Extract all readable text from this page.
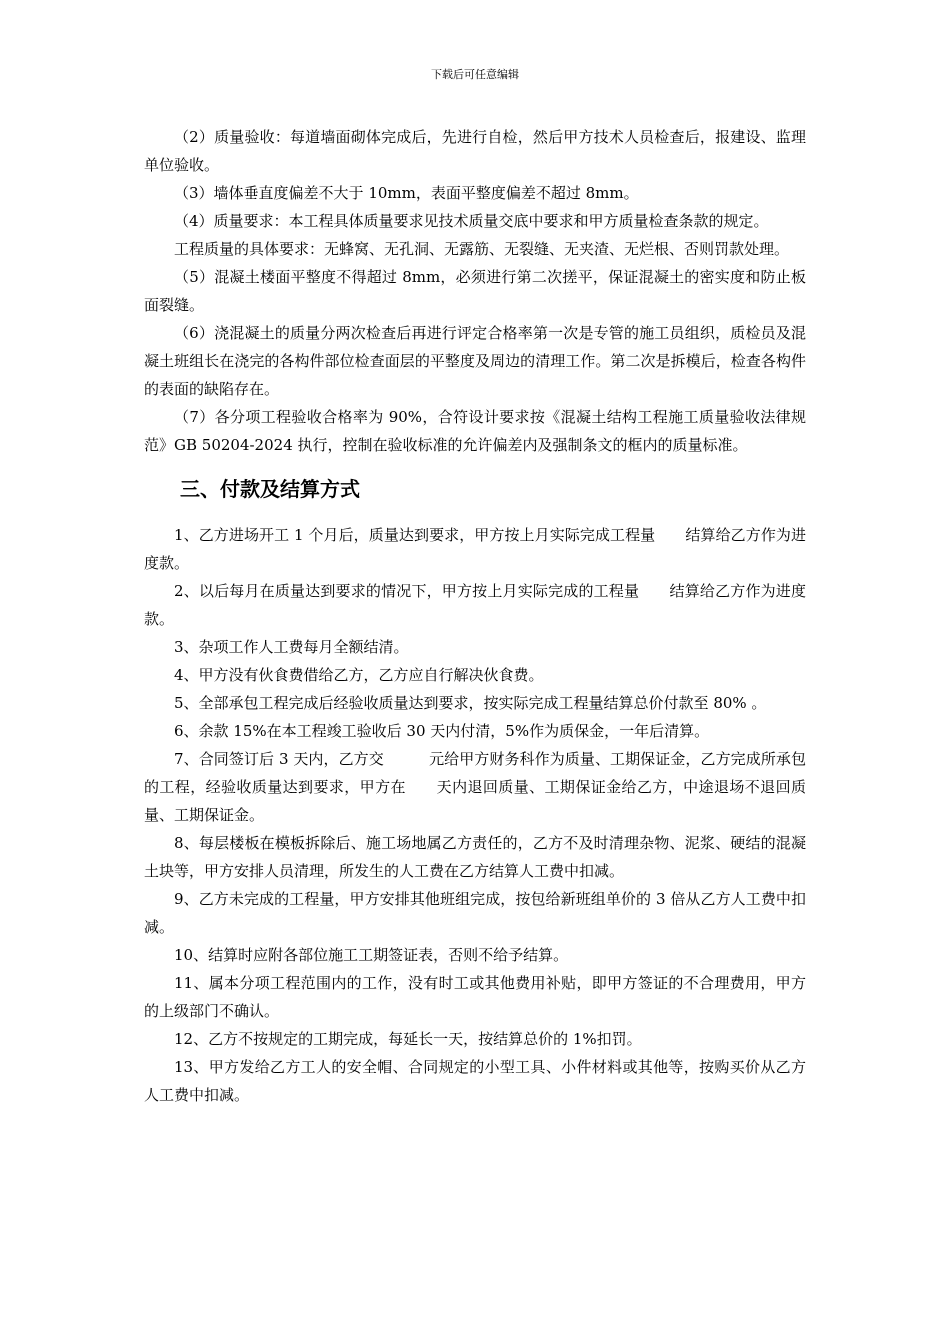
下载后可任意编辑

（2）质量验收：每道墙面砌体完成后，先进行自检，然后甲方技术人员检查后，报建设、监理单位验收。

（3）墙体垂直度偏差不大于 10mm，表面平整度偏差不超过 8mm。

（4）质量要求：本工程具体质量要求见技术质量交底中要求和甲方质量检查条款的规定。

工程质量的具体要求：无蜂窝、无孔洞、无露筋、无裂缝、无夹渣、无烂根、否则罚款处理。

（5）混凝土楼面平整度不得超过 8mm，必须进行第二次搓平，保证混凝土的密实度和防止板面裂缝。

（6）浇混凝土的质量分两次检查后再进行评定合格率第一次是专管的施工员组织，质检员及混凝土班组长在浇完的各构件部位检查面层的平整度及周边的清理工作。第二次是拆模后，检查各构件的表面的缺陷存在。

（7）各分项工程验收合格率为 90%，合符设计要求按《混凝土结构工程施工质量验收法律规范》GB 50204-2024 执行，控制在验收标准的允许偏差内及强制条文的框内的质量标准。

三、付款及结算方式

1、乙方进场开工 1 个月后，质量达到要求，甲方按上月实际完成工程量　　结算给乙方作为进度款。

2、以后每月在质量达到要求的情况下，甲方按上月实际完成的工程量　　结算给乙方作为进度款。

3、杂项工作人工费每月全额结清。

4、甲方没有伙食费借给乙方，乙方应自行解决伙食费。

5、全部承包工程完成后经验收质量达到要求，按实际完成工程量结算总价付款至 80% 。

6、余款 15%在本工程竣工验收后 30 天内付清，5%作为质保金，一年后清算。

7、合同签订后 3 天内，乙方交　　　元给甲方财务科作为质量、工期保证金，乙方完成所承包的工程，经验收质量达到要求，甲方在　　天内退回质量、工期保证金给乙方，中途退场不退回质量、工期保证金。

8、每层楼板在模板拆除后、施工场地属乙方责任的，乙方不及时清理杂物、泥浆、硬结的混凝土块等，甲方安排人员清理，所发生的人工费在乙方结算人工费中扣减。

9、乙方未完成的工程量，甲方安排其他班组完成，按包给新班组单价的 3 倍从乙方人工费中扣减。

10、结算时应附各部位施工工期签证表，否则不给予结算。

11、属本分项工程范围内的工作，没有时工或其他费用补贴，即甲方签证的不合理费用，甲方的上级部门不确认。

12、乙方不按规定的工期完成，每延长一天，按结算总价的 1%扣罚。

13、甲方发给乙方工人的安全帽、合同规定的小型工具、小件材料或其他等，按购买价从乙方人工费中扣减。
